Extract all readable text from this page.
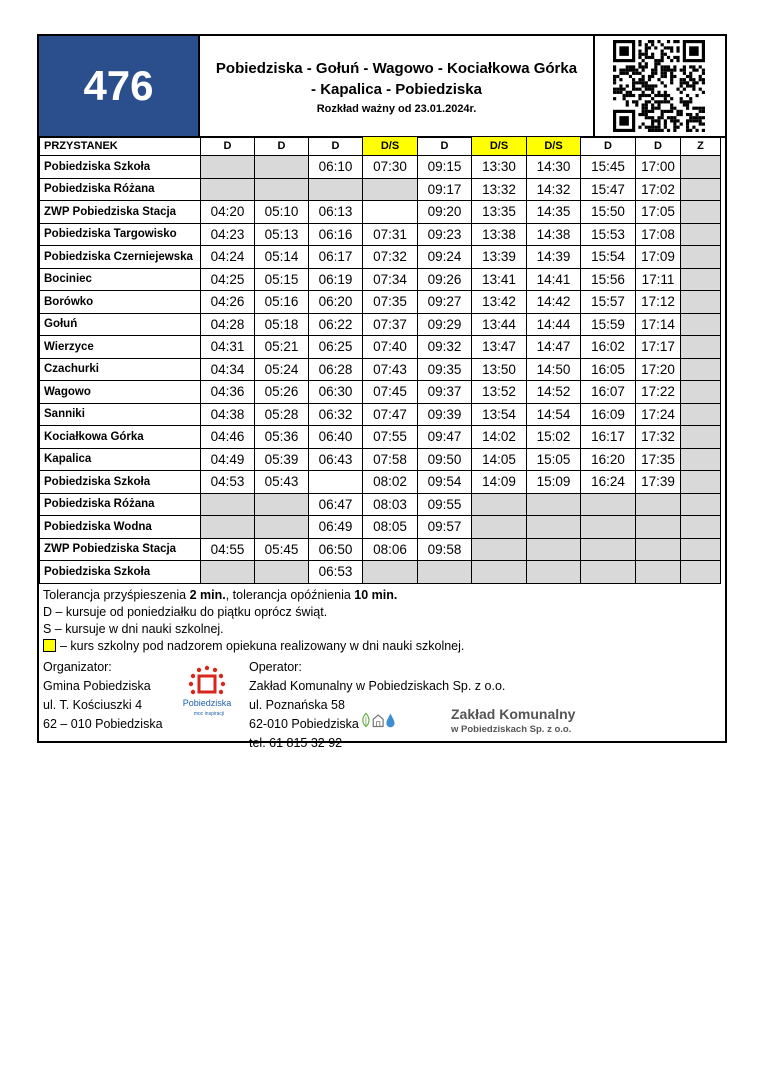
476	Pobiedziska - Gołuń - Wagowo - Kociałkowa Górka
- Kapalica - Pobiedziska
Rozkład ważny od 23.01.2024r.
PRZYSTANEK	D	D	D	D/S	D	D/S	D/S	D	D	Z
Pobiedziska Szkoła			06:10	07:30	09:15	13:30	14:30	15:45	17:00	
Pobiedziska Różana					09:17	13:32	14:32	15:47	17:02	
ZWP Pobiedziska Stacja	04:20	05:10	06:13		09:20	13:35	14:35	15:50	17:05	
Pobiedziska Targowisko	04:23	05:13	06:16	07:31	09:23	13:38	14:38	15:53	17:08	
Pobiedziska Czerniejewska	04:24	05:14	06:17	07:32	09:24	13:39	14:39	15:54	17:09	
Bociniec	04:25	05:15	06:19	07:34	09:26	13:41	14:41	15:56	17:11	
Borówko	04:26	05:16	06:20	07:35	09:27	13:42	14:42	15:57	17:12	
Gołuń	04:28	05:18	06:22	07:37	09:29	13:44	14:44	15:59	17:14	
Wierzyce	04:31	05:21	06:25	07:40	09:32	13:47	14:47	16:02	17:17	
Czachurki	04:34	05:24	06:28	07:43	09:35	13:50	14:50	16:05	17:20	
Wagowo	04:36	05:26	06:30	07:45	09:37	13:52	14:52	16:07	17:22	
Sanniki	04:38	05:28	06:32	07:47	09:39	13:54	14:54	16:09	17:24	
Kociałkowa Górka	04:46	05:36	06:40	07:55	09:47	14:02	15:02	16:17	17:32	
Kapalica	04:49	05:39	06:43	07:58	09:50	14:05	15:05	16:20	17:35	
Pobiedziska Szkoła	04:53	05:43		08:02	09:54	14:09	15:09	16:24	17:39	
Pobiedziska Różana			06:47	08:03	09:55					
Pobiedziska Wodna			06:49	08:05	09:57					
ZWP Pobiedziska Stacja	04:55	05:45	06:50	08:06	09:58					
Pobiedziska Szkoła			06:53							

Tolerancja przyśpieszenia 2 min., tolerancja opóźnienia 10 min.

D – kursuje od poniedziałku do piątku oprócz świąt.

S – kursuje w dni nauki szkolnej.

– kurs szkolny pod nadzorem opiekuna realizowany w dni nauki szkolnej.

Organizator:

Gmina Pobiedziska

ul. T. Kościuszki 4

62 – 010 Pobiedziska

Pobiedziska
moc inspiracji

Operator:

Zakład Komunalny w Pobiedziskach Sp. z o.o.

ul. Poznańska 58

62-010 Pobiedziska

tel. 61 815 32 92

Zakład Komunalny
w Pobiedziskach Sp. z o.o.
